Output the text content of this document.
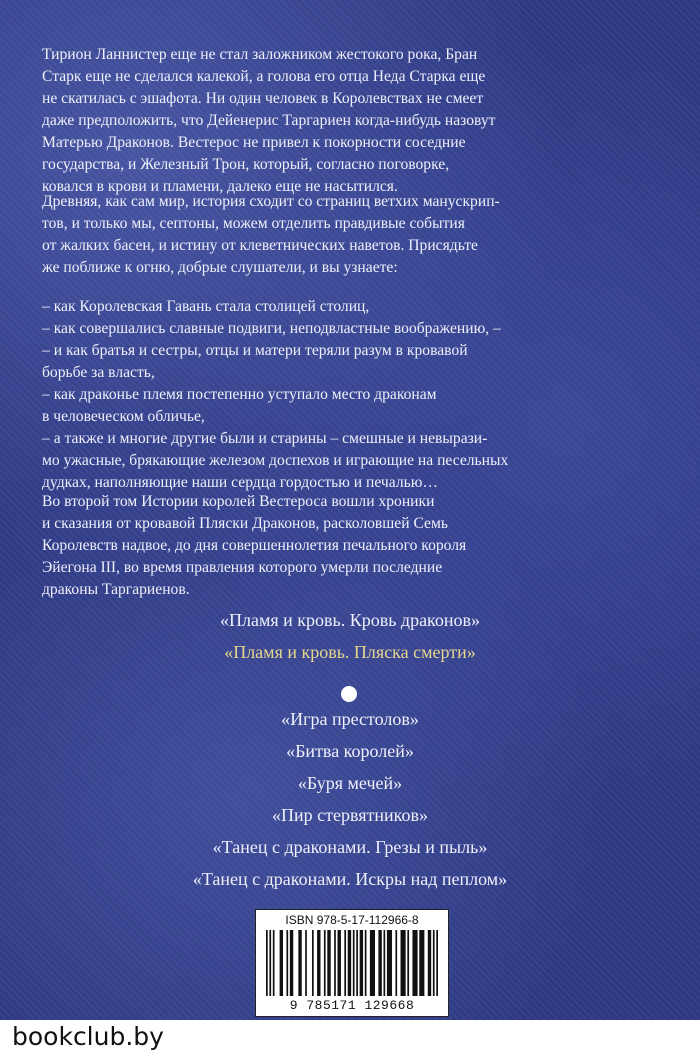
Тирион Ланнистер еще не стал заложником жестокого рока, Бран
Старк еще не сделался калекой, а голова его отца Неда Старка еще
не скатилась с эшафота. Ни один человек в Королевствах не смеет
даже предположить, что Дейенерис Таргариен когда-нибудь назовут
Матерью Драконов. Вестерос не привел к покорности соседние
государства, и Железный Трон, который, согласно поговорке,
ковался в крови и пламени, далеко еще не насытился.
Древняя, как сам мир, история сходит со страниц ветхих манускрип-
тов, и только мы, септоны, можем отделить правдивые события
от жалких басен, и истину от клеветнических наветов. Присядьте
же поближе к огню, добрые слушатели, и вы узнаете:
– как Королевская Гавань стала столицей столиц,
– как совершались славные подвиги, неподвластные воображению, –
– и как братья и сестры, отцы и матери теряли разум в кровавой
борьбе за власть,
– как драконье племя постепенно уступало место драконам
в человеческом обличье,
– а также и многие другие были и старины – смешные и невырази-
мо ужасные, брякающие железом доспехов и играющие на песельных
дудках, наполняющие наши сердца гордостью и печалью…
Во второй том Истории королей Вестероса вошли хроники
и сказания от кровавой Пляски Драконов, расколовшей Семь
Королевств надвое, до дня совершеннолетия печального короля
Эйегона III, во время правления которого умерли последние
драконы Таргариенов.
«Пламя и кровь. Кровь драконов»
«Пламя и кровь. Пляска смерти»
«Игра престолов»
«Битва королей»
«Буря мечей»
«Пир стервятников»
«Танец с драконами. Грезы и пыль»
«Танец с драконами. Искры над пеплом»
ISBN 978-5-17-112966-8
9 785171 129668
bookclub.by
